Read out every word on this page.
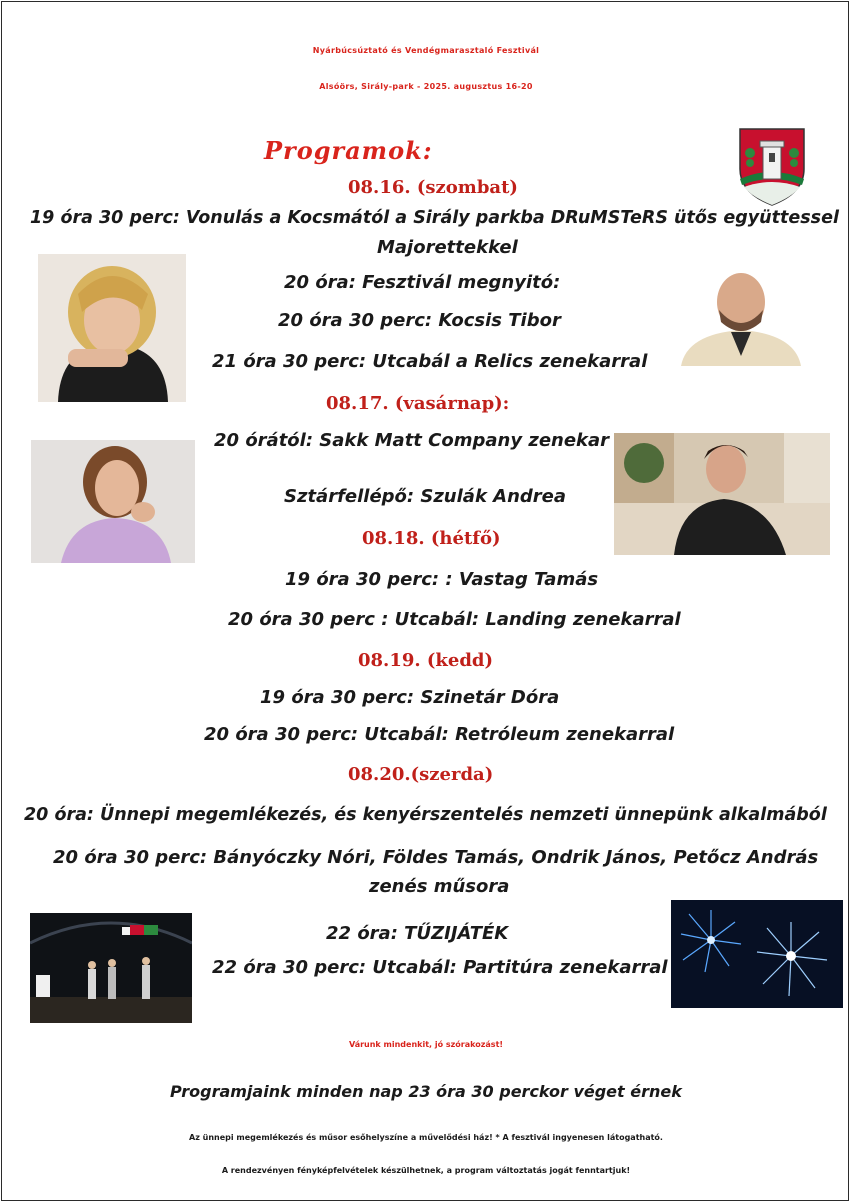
Nyárbúcsúztató és Vendégmarasztaló Fesztivál
Alsóörs, Sirály-park - 2025. augusztus 16-20
Programok:
08.16. (szombat)
19 óra 30 perc: Vonulás a Kocsmától a Sirály parkba DRuMSTeRS ütős együttessel
Majorettekkel
20 óra: Fesztivál megnyitó:
20 óra 30 perc: Kocsis Tibor
21 óra 30 perc: Utcabál a Relics zenekarral
08.17. (vasárnap):
20 órától: Sakk Matt Company zenekar
Sztárfellépő: Szulák Andrea
08.18. (hétfő)
19 óra 30 perc: : Vastag Tamás
20 óra 30 perc : Utcabál: Landing zenekarral
08.19. (kedd)
19 óra 30 perc: Szinetár Dóra
20 óra 30 perc: Utcabál: Retróleum zenekarral
08.20.(szerda)
20 óra: Ünnepi megemlékezés, és kenyérszentelés nemzeti ünnepünk alkalmából
20 óra 30 perc: Bányóczky Nóri, Földes Tamás, Ondrik János, Petőcz András
zenés műsora
22 óra: TŰZIJÁTÉK
22 óra 30 perc: Utcabál: Partitúra zenekarral
Várunk mindenkit, jó szórakozást!
Programjaink minden nap 23 óra 30 perckor véget érnek
Az ünnepi megemlékezés és műsor esőhelyszíne a művelődési ház! * A fesztivál ingyenesen látogatható.
A rendezvényen fényképfelvételek készülhetnek, a program változtatás jogát fenntartjuk!
